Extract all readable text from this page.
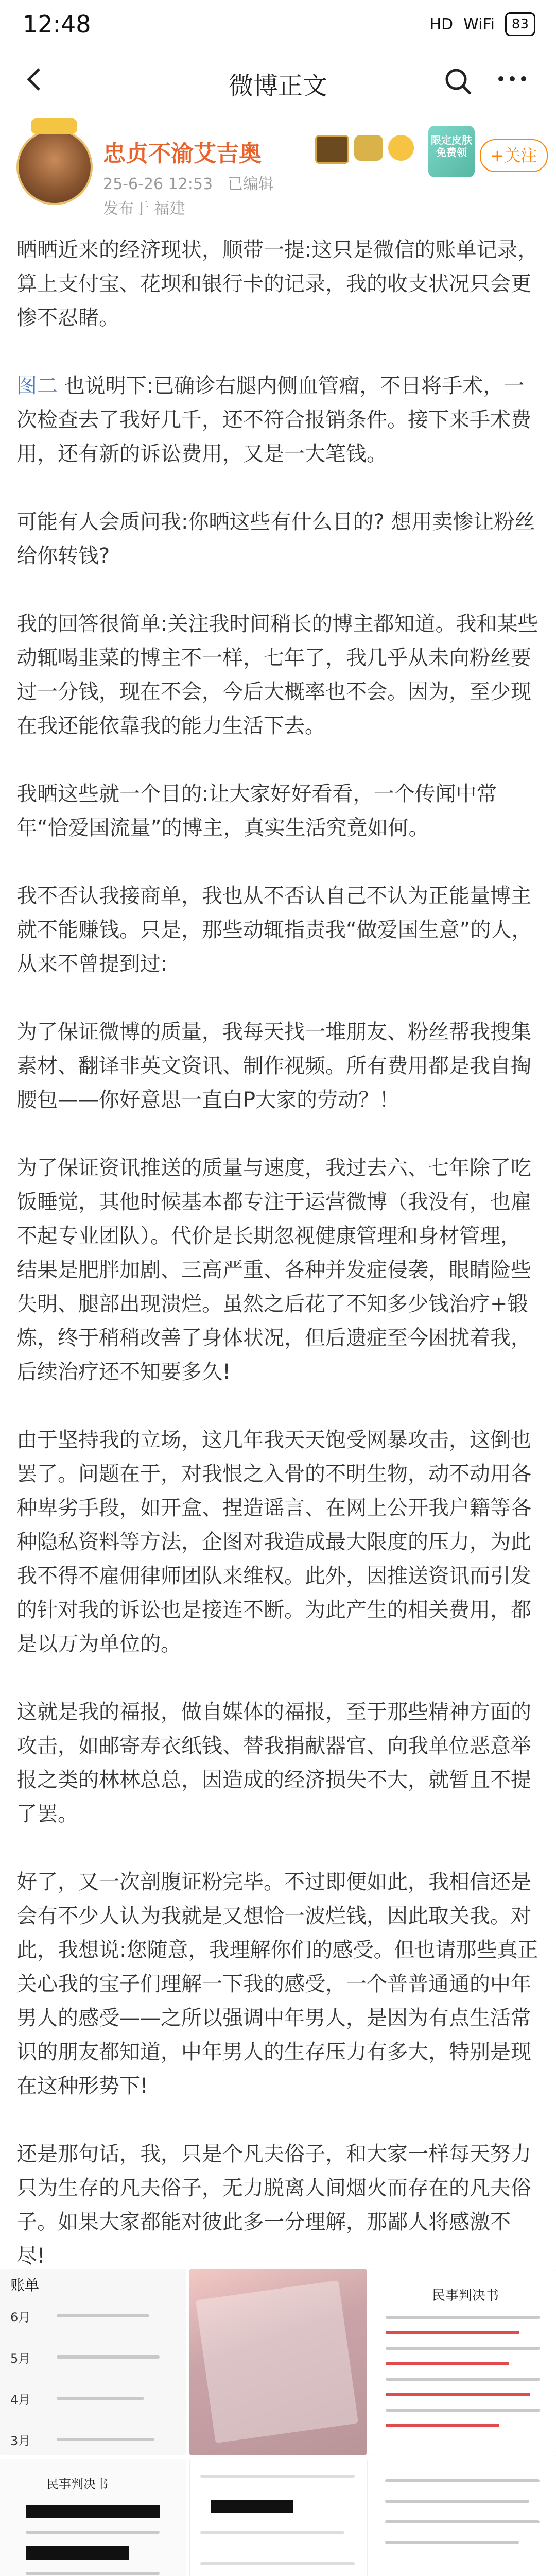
12:48	HD WiFi	83
微博正文
忠贞不渝艾吉奥
25-6-26 12:53 已编辑
发布于 福建
限定皮肤免费领	+关注

晒晒近来的经济现状，顺带一提:这只是微信的账单记录，算上支付宝、花坝和银行卡的记录，我的收支状况只会更惨不忍睹。

图二 也说明下:已确诊右腿内侧血管瘤，不日将手术，一次检查去了我好几千，还不符合报销条件。接下来手术费用，还有新的诉讼费用，又是一大笔钱。

可能有人会质问我:你晒这些有什么目的? 想用卖惨让粉丝给你转钱?

我的回答很简单:关注我时间稍长的博主都知道。我和某些动辄喝韭菜的博主不一样，七年了，我几乎从未向粉丝要过一分钱，现在不会，今后大概率也不会。因为，至少现在我还能依靠我的能力生活下去。

我晒这些就一个目的:让大家好好看看，一个传闻中常年“恰爱国流量”的博主，真实生活究竟如何。

我不否认我接商单，我也从不否认自己不认为正能量博主就不能赚钱。只是，那些动辄指责我“做爱国生意”的人，从来不曾提到过:

为了保证微博的质量，我每天找一堆朋友、粉丝帮我搜集素材、翻译非英文资讯、制作视频。所有费用都是我自掏腰包——你好意思一直白P大家的劳动？！

为了保证资讯推送的质量与速度，我过去六、七年除了吃饭睡觉，其他时候基本都专注于运营微博（我没有，也雇不起专业团队）。代价是长期忽视健康管理和身材管理，结果是肥胖加剧、三高严重、各种并发症侵袭，眼睛险些失明、腿部出现溃烂。虽然之后花了不知多少钱治疗+锻炼，终于稍稍改善了身体状况，但后遗症至今困扰着我，后续治疗还不知要多久!

由于坚持我的立场，这几年我天天饱受网暴攻击，这倒也罢了。问题在于，对我恨之入骨的不明生物，动不动用各种卑劣手段，如开盒、捏造谣言、在网上公开我户籍等各种隐私资料等方法，企图对我造成最大限度的压力，为此我不得不雇佣律师团队来维权。此外，因推送资讯而引发的针对我的诉讼也是接连不断。为此产生的相关费用，都是以万为单位的。

这就是我的福报，做自媒体的福报，至于那些精神方面的攻击，如邮寄寿衣纸钱、替我捐献器官、向我单位恶意举报之类的林林总总，因造成的经济损失不大，就暂且不提了罢。

好了，又一次剖腹证粉完毕。不过即便如此，我相信还是会有不少人认为我就是又想恰一波烂钱，因此取关我。对此，我想说:您随意，我理解你们的感受。但也请那些真正关心我的宝子们理解一下我的感受，一个普普通通的中年男人的感受——之所以强调中年男人，是因为有点生活常识的朋友都知道，中年男人的生存压力有多大，特别是现在这种形势下!

还是那句话，我，只是个凡夫俗子，和大家一样每天努力只为生存的凡夫俗子，无力脱离人间烟火而存在的凡夫俗子。如果大家都能对彼此多一分理解，那鄙人将感激不尽!

账单
6月
5月
4月
3月
民事判决书
民事判决书
